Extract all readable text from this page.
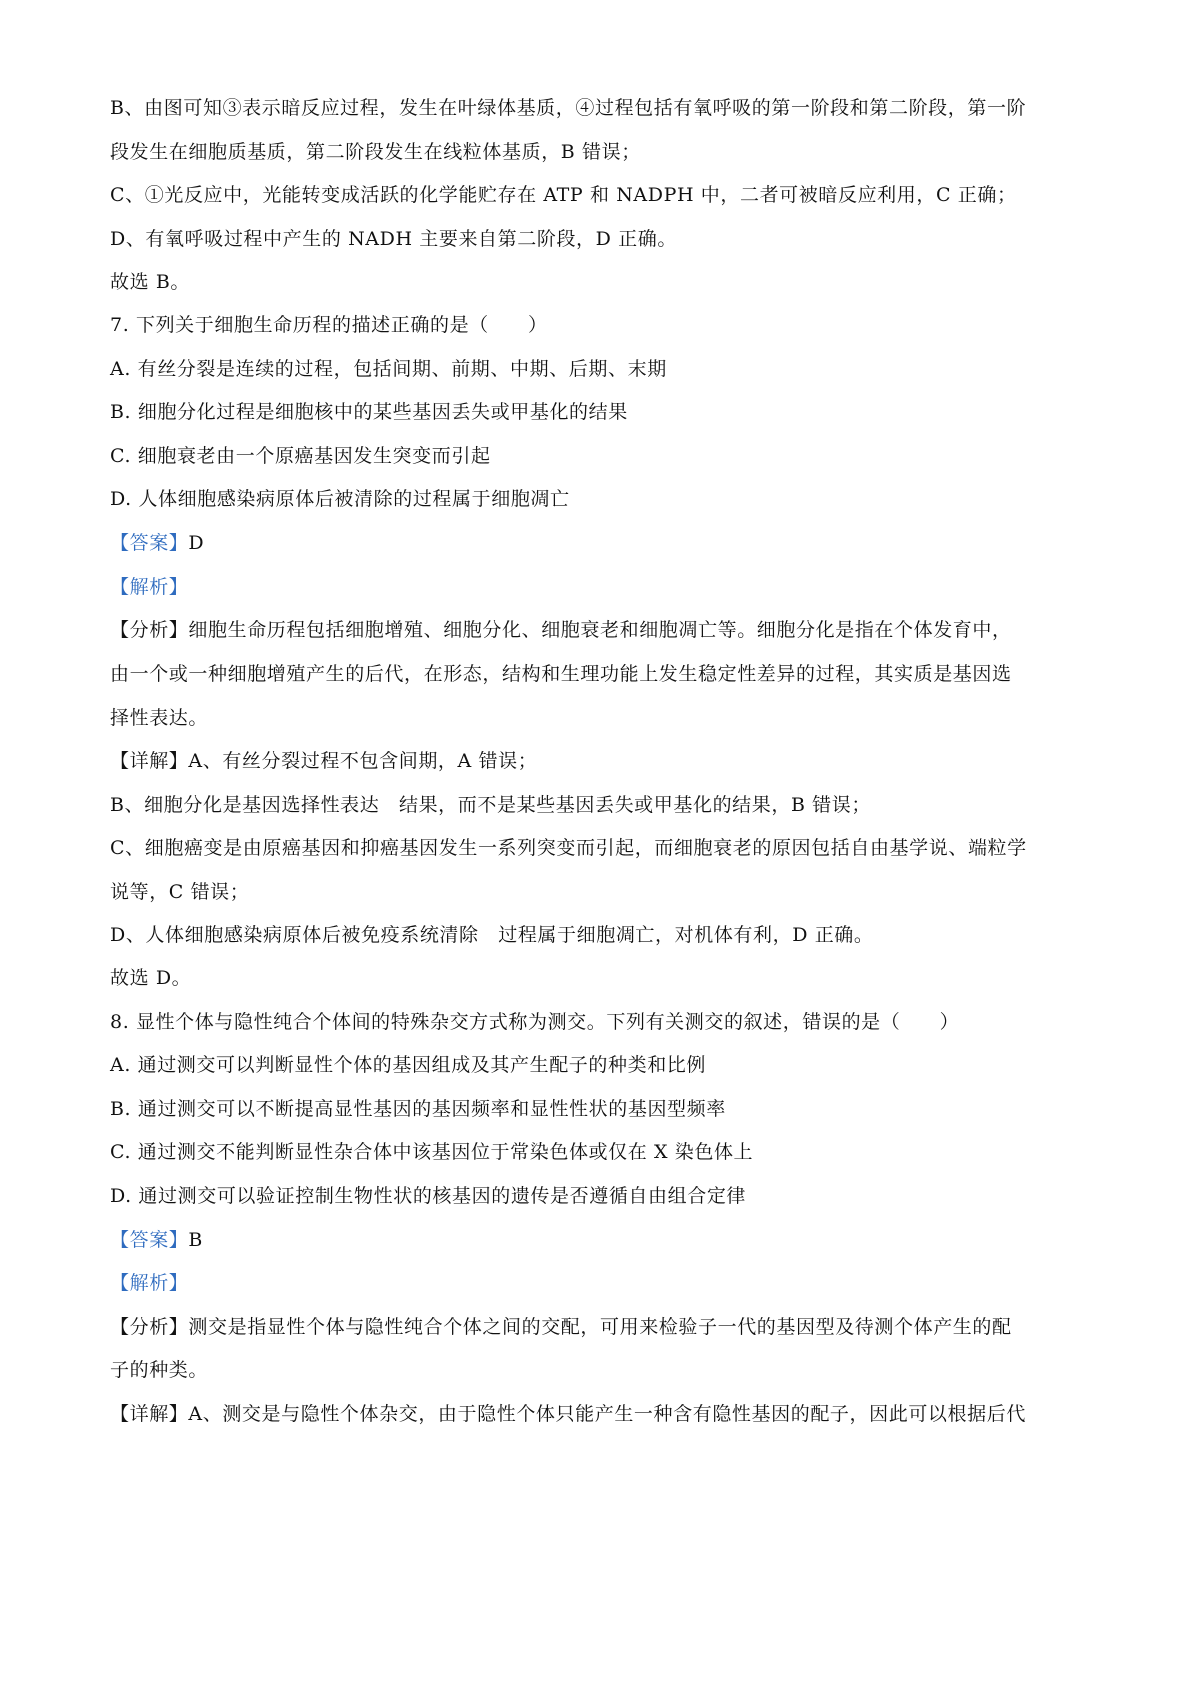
B、由图可知③表示暗反应过程，发生在叶绿体基质，④过程包括有氧呼吸的第一阶段和第二阶段，第一阶
段发生在细胞质基质，第二阶段发生在线粒体基质，B 错误；
C、①光反应中，光能转变成活跃的化学能贮存在 ATP 和 NADPH 中，二者可被暗反应利用，C 正确；
D、有氧呼吸过程中产生的 NADH 主要来自第二阶段，D 正确。
故选 B。
7. 下列关于细胞生命历程的描述正确的是（　　）
A. 有丝分裂是连续的过程，包括间期、前期、中期、后期、末期
B. 细胞分化过程是细胞核中的某些基因丢失或甲基化的结果
C. 细胞衰老由一个原癌基因发生突变而引起
D. 人体细胞感染病原体后被清除的过程属于细胞凋亡
【答案】D
【解析】
【分析】细胞生命历程包括细胞增殖、细胞分化、细胞衰老和细胞凋亡等。细胞分化是指在个体发育中，
由一个或一种细胞增殖产生的后代，在形态，结构和生理功能上发生稳定性差异的过程，其实质是基因选
择性表达。
【详解】A、有丝分裂过程不包含间期，A 错误；
B、细胞分化是基因选择性表达　结果，而不是某些基因丢失或甲基化的结果，B 错误；
C、细胞癌变是由原癌基因和抑癌基因发生一系列突变而引起，而细胞衰老的原因包括自由基学说、端粒学
说等，C 错误；
D、人体细胞感染病原体后被免疫系统清除　过程属于细胞凋亡，对机体有利，D 正确。
故选 D。
8. 显性个体与隐性纯合个体间的特殊杂交方式称为测交。下列有关测交的叙述，错误的是（　　）
A. 通过测交可以判断显性个体的基因组成及其产生配子的种类和比例
B. 通过测交可以不断提高显性基因的基因频率和显性性状的基因型频率
C. 通过测交不能判断显性杂合体中该基因位于常染色体或仅在 X 染色体上
D. 通过测交可以验证控制生物性状的核基因的遗传是否遵循自由组合定律
【答案】B
【解析】
【分析】测交是指显性个体与隐性纯合个体之间的交配，可用来检验子一代的基因型及待测个体产生的配
子的种类。
【详解】A、测交是与隐性个体杂交，由于隐性个体只能产生一种含有隐性基因的配子，因此可以根据后代
